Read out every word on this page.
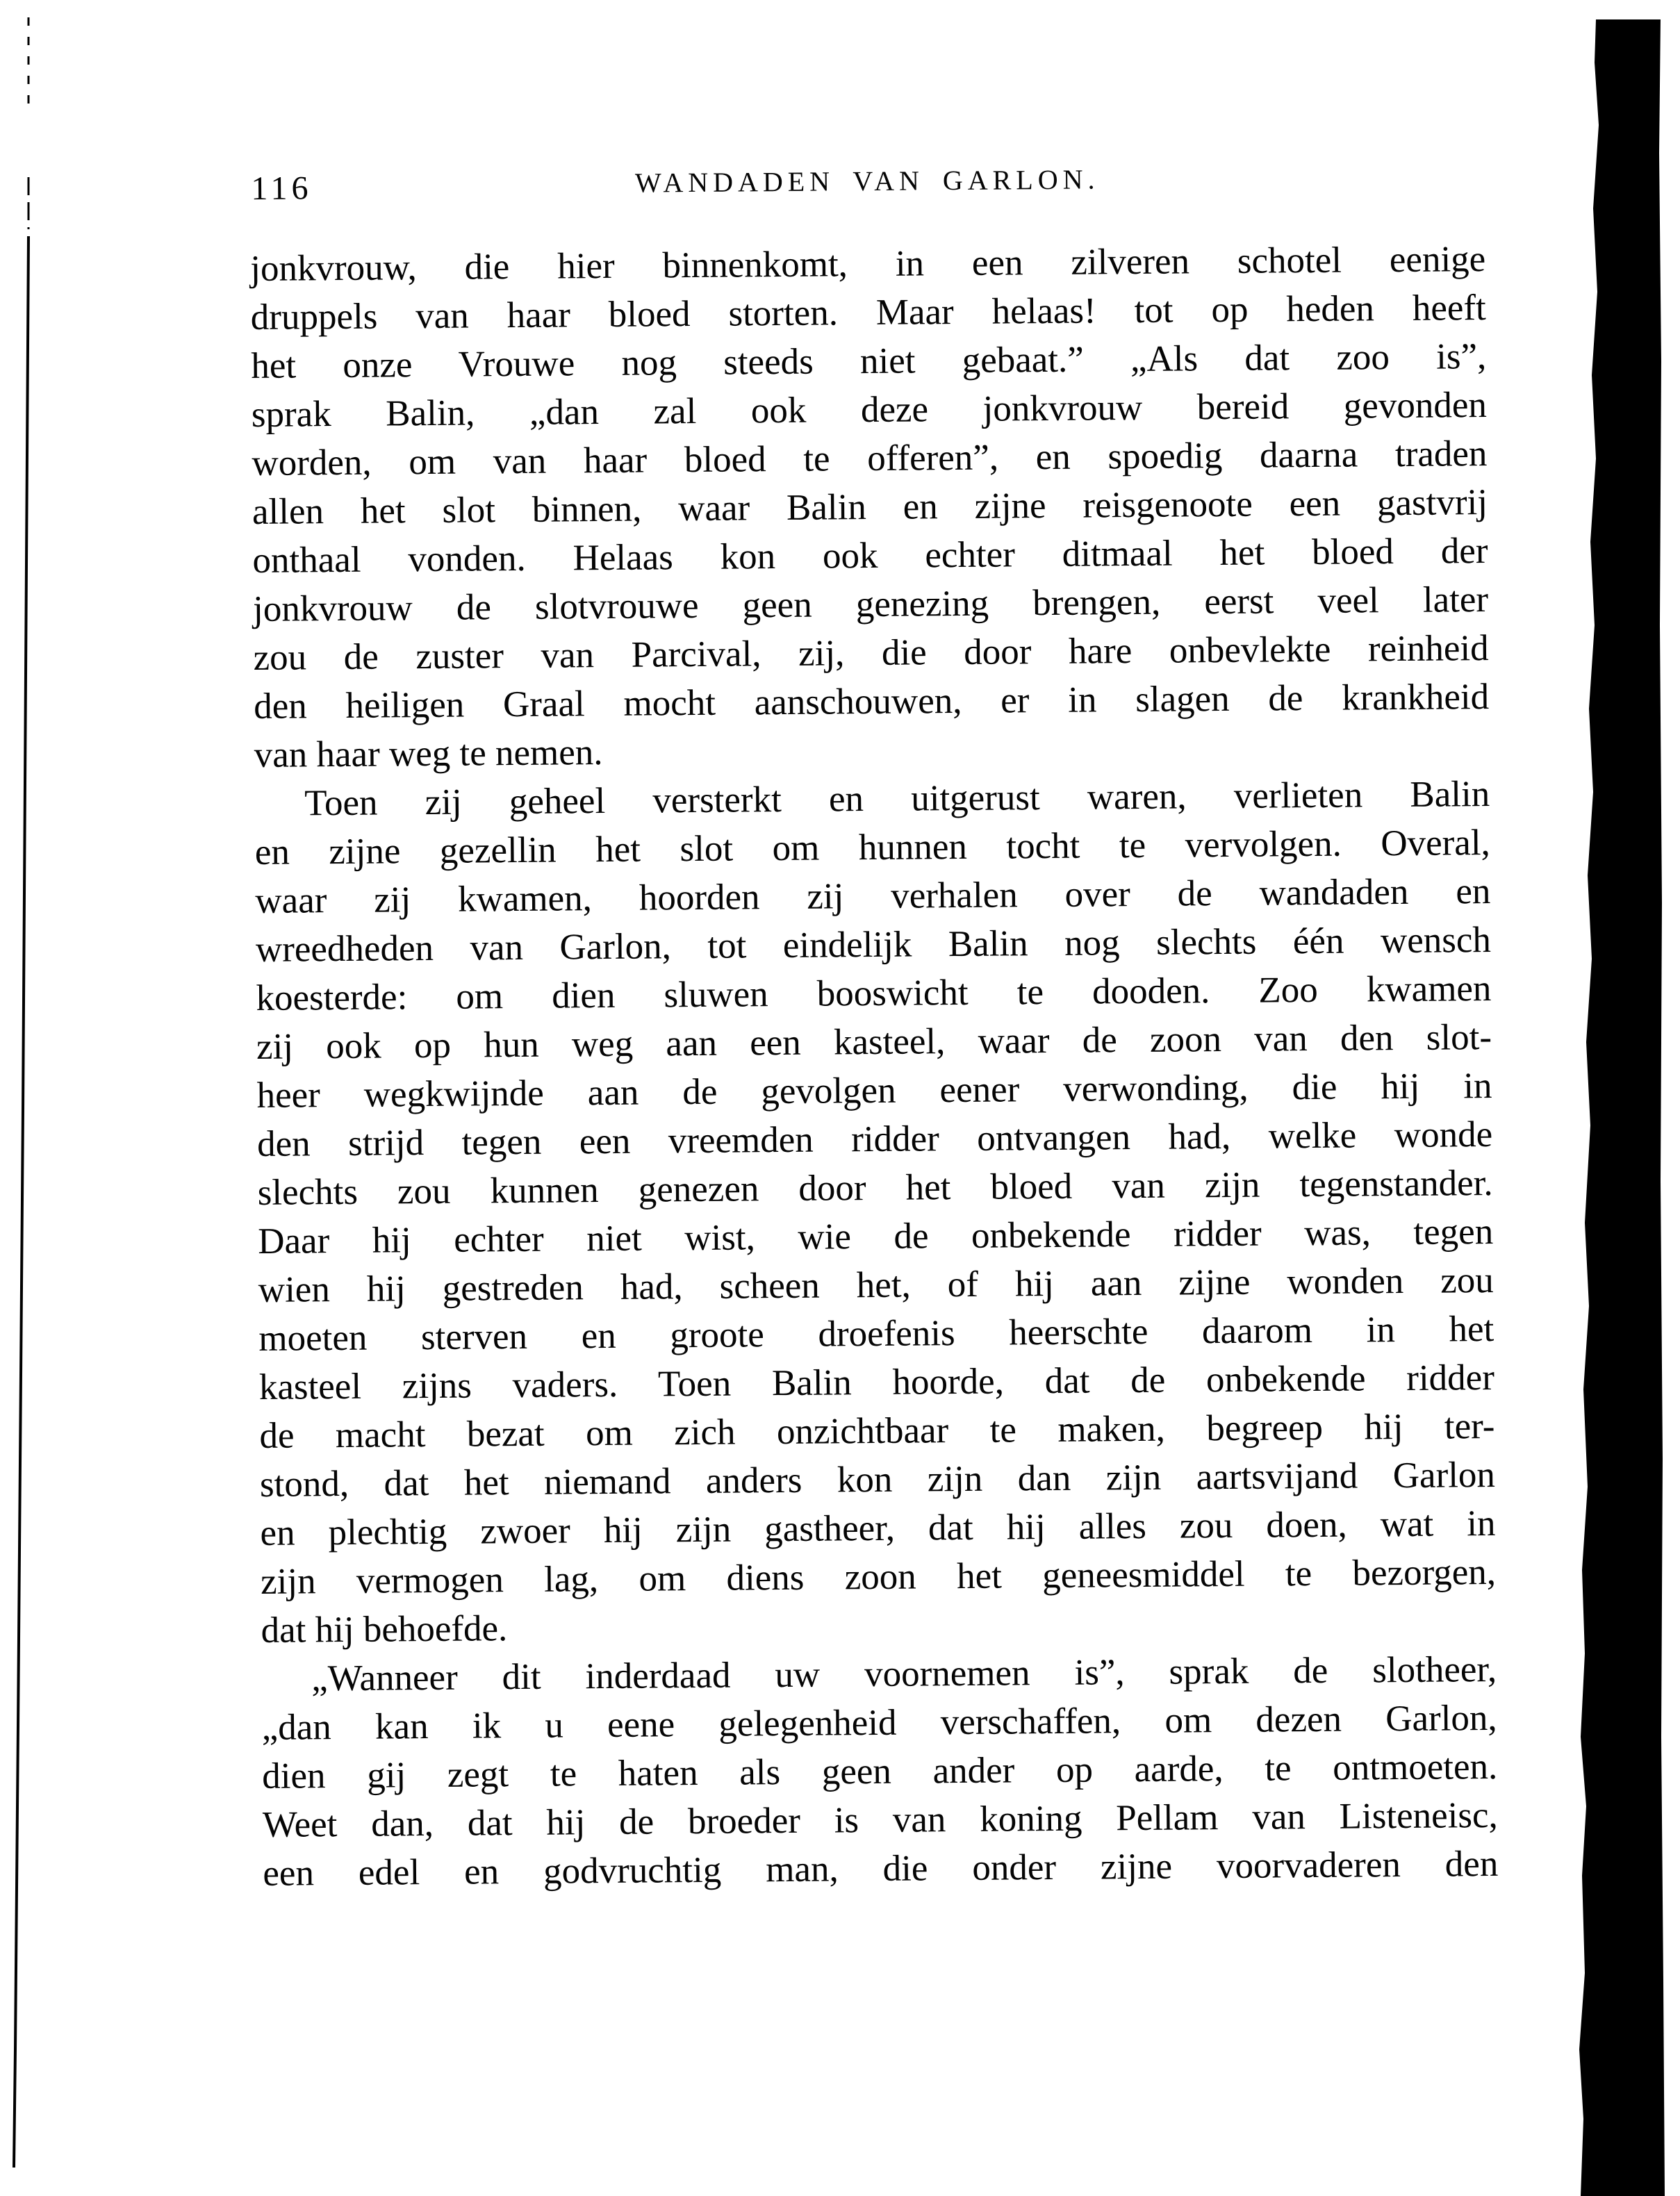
116	WANDADEN VAN GARLON.
jonkvrouw, die hier binnenkomt, in een zilveren schotel eenige
druppels van haar bloed storten. Maar helaas! tot op heden heeft
het onze Vrouwe nog steeds niet gebaat.” „Als dat zoo is”,
sprak Balin, „dan zal ook deze jonkvrouw bereid gevonden
worden, om van haar bloed te offeren”, en spoedig daarna traden
allen het slot binnen, waar Balin en zijne reisgenoote een gastvrij
onthaal vonden. Helaas kon ook echter ditmaal het bloed der
jonkvrouw de slotvrouwe geen genezing brengen, eerst veel later
zou de zuster van Parcival, zij, die door hare onbevlekte reinheid
den heiligen Graal mocht aanschouwen, er in slagen de krankheid
van haar weg te nemen.
Toen zij geheel versterkt en uitgerust waren, verlieten Balin
en zijne gezellin het slot om hunnen tocht te vervolgen. Overal,
waar zij kwamen, hoorden zij verhalen over de wandaden en
wreedheden van Garlon, tot eindelijk Balin nog slechts één wensch
koesterde: om dien sluwen booswicht te dooden. Zoo kwamen
zij ook op hun weg aan een kasteel, waar de zoon van den slot-
heer wegkwijnde aan de gevolgen eener verwonding, die hij in
den strijd tegen een vreemden ridder ontvangen had, welke wonde
slechts zou kunnen genezen door het bloed van zijn tegenstander.
Daar hij echter niet wist, wie de onbekende ridder was, tegen
wien hij gestreden had, scheen het, of hij aan zijne wonden zou
moeten sterven en groote droefenis heerschte daarom in het
kasteel zijns vaders. Toen Balin hoorde, dat de onbekende ridder
de macht bezat om zich onzichtbaar te maken, begreep hij ter-
stond, dat het niemand anders kon zijn dan zijn aartsvijand Garlon
en plechtig zwoer hij zijn gastheer, dat hij alles zou doen, wat in
zijn vermogen lag, om diens zoon het geneesmiddel te bezorgen,
dat hij behoefde.
„Wanneer dit inderdaad uw voornemen is”, sprak de slotheer,
„dan kan ik u eene gelegenheid verschaffen, om dezen Garlon,
dien gij zegt te haten als geen ander op aarde, te ontmoeten.
Weet dan, dat hij de broeder is van koning Pellam van Listeneisc,
een edel en godvruchtig man, die onder zijne voorvaderen den
